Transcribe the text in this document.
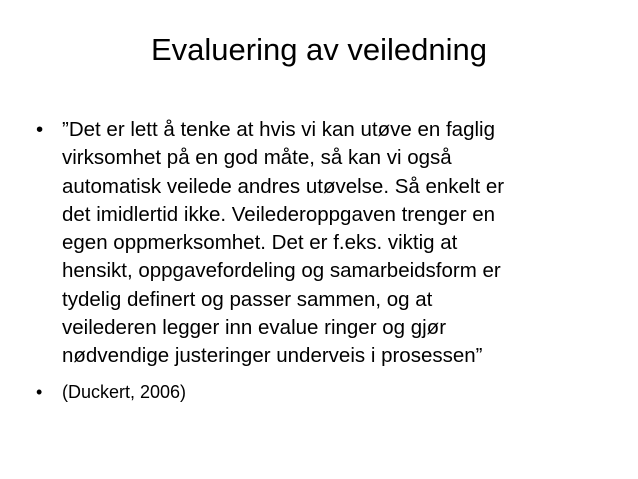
Evaluering av veiledning
• ”Det er lett å tenke at hvis vi kan utøve en faglig
virksomhet på en god måte, så kan vi også
automatisk veilede andres utøvelse. Så enkelt er
det imidlertid ikke. Veilederoppgaven trenger en
egen oppmerksomhet. Det er f.eks. viktig at
hensikt, oppgavefordeling og samarbeidsform er
tydelig definert og passer sammen, og at
veilederen legger inn evalue ringer og gjør
nødvendige justeringer underveis i prosessen”
•	(Duckert, 2006)
